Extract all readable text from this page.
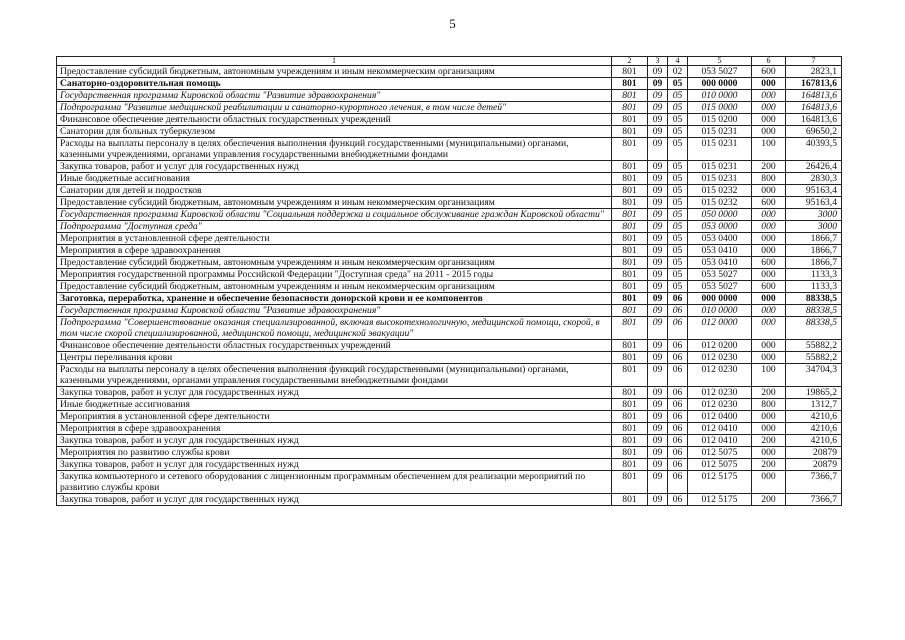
5
1	2	3	4	5	6	7
Предоставление субсидий бюджетным, автономным учреждениям и иным некоммерческим организациям	801	09	02	053 5027	600	2823,1
Санаторно-оздоровительная помощь	801	09	05	000 0000	000	167813,6
Государственная программа Кировской области "Развитие здравоохранения"	801	09	05	010 0000	000	164813,6
Подпрограмма "Развитие медицинской реабилитации и санаторно-курортного лечения, в том числе детей"	801	09	05	015 0000	000	164813,6
Финансовое обеспечение деятельности областных государственных учреждений	801	09	05	015 0200	000	164813,6
Санатории для больных туберкулезом	801	09	05	015 0231	000	69650,2
Расходы на выплаты персоналу в целях обеспечения выполнения функций государственными (муниципальными) органами, казенными учреждениями, органами управления государственными внебюджетными фондами	801	09	05	015 0231	100	40393,5
Закупка товаров, работ и услуг для государственных нужд	801	09	05	015 0231	200	26426,4
Иные бюджетные ассигнования	801	09	05	015 0231	800	2830,3
Санатории для детей и подростков	801	09	05	015 0232	000	95163,4
Предоставление субсидий бюджетным, автономным учреждениям и иным некоммерческим организациям	801	09	05	015 0232	600	95163,4
Государственная программа Кировской области "Социальная поддержка и социальное обслуживание граждан Кировской области"	801	09	05	050 0000	000	3000
Подпрограмма "Доступная среда"	801	09	05	053 0000	000	3000
Мероприятия в установленной сфере деятельности	801	09	05	053 0400	000	1866,7
Мероприятия в сфере здравоохранения	801	09	05	053 0410	000	1866,7
Предоставление субсидий бюджетным, автономным учреждениям и иным некоммерческим организациям	801	09	05	053 0410	600	1866,7
Мероприятия государственной программы Российской Федерации "Доступная среда" на 2011 - 2015 годы	801	09	05	053 5027	000	1133,3
Предоставление субсидий бюджетным, автономным учреждениям и иным некоммерческим организациям	801	09	05	053 5027	600	1133,3
Заготовка, переработка, хранение и обеспечение безопасности донорской крови и ее компонентов	801	09	06	000 0000	000	88338,5
Государственная программа Кировской области "Развитие здравоохранения"	801	09	06	010 0000	000	88338,5
Подпрограмма "Совершенствование оказания специализированной, включая высокотехнологичную, медицинской помощи, скорой, в том числе скорой специализированной, медицинской помощи, медицинской эвакуации"	801	09	06	012 0000	000	88338,5
Финансовое обеспечение деятельности областных государственных учреждений	801	09	06	012 0200	000	55882,2
Центры переливания крови	801	09	06	012 0230	000	55882,2
Расходы на выплаты персоналу в целях обеспечения выполнения функций государственными (муниципальными) органами, казенными учреждениями, органами управления государственными внебюджетными фондами	801	09	06	012 0230	100	34704,3
Закупка товаров, работ и услуг для государственных нужд	801	09	06	012 0230	200	19865,2
Иные бюджетные ассигнования	801	09	06	012 0230	800	1312,7
Мероприятия в установленной сфере деятельности	801	09	06	012 0400	000	4210,6
Мероприятия в сфере здравоохранения	801	09	06	012 0410	000	4210,6
Закупка товаров, работ и услуг для государственных нужд	801	09	06	012 0410	200	4210,6
Мероприятия по развитию службы крови	801	09	06	012 5075	000	20879
Закупка товаров, работ и услуг для государственных нужд	801	09	06	012 5075	200	20879
Закупка компьютерного и сетевого оборудования с лицензионным программным обеспечением для реализации мероприятий по развитию службы крови	801	09	06	012 5175	000	7366,7
Закупка товаров, работ и услуг для государственных нужд	801	09	06	012 5175	200	7366,7
